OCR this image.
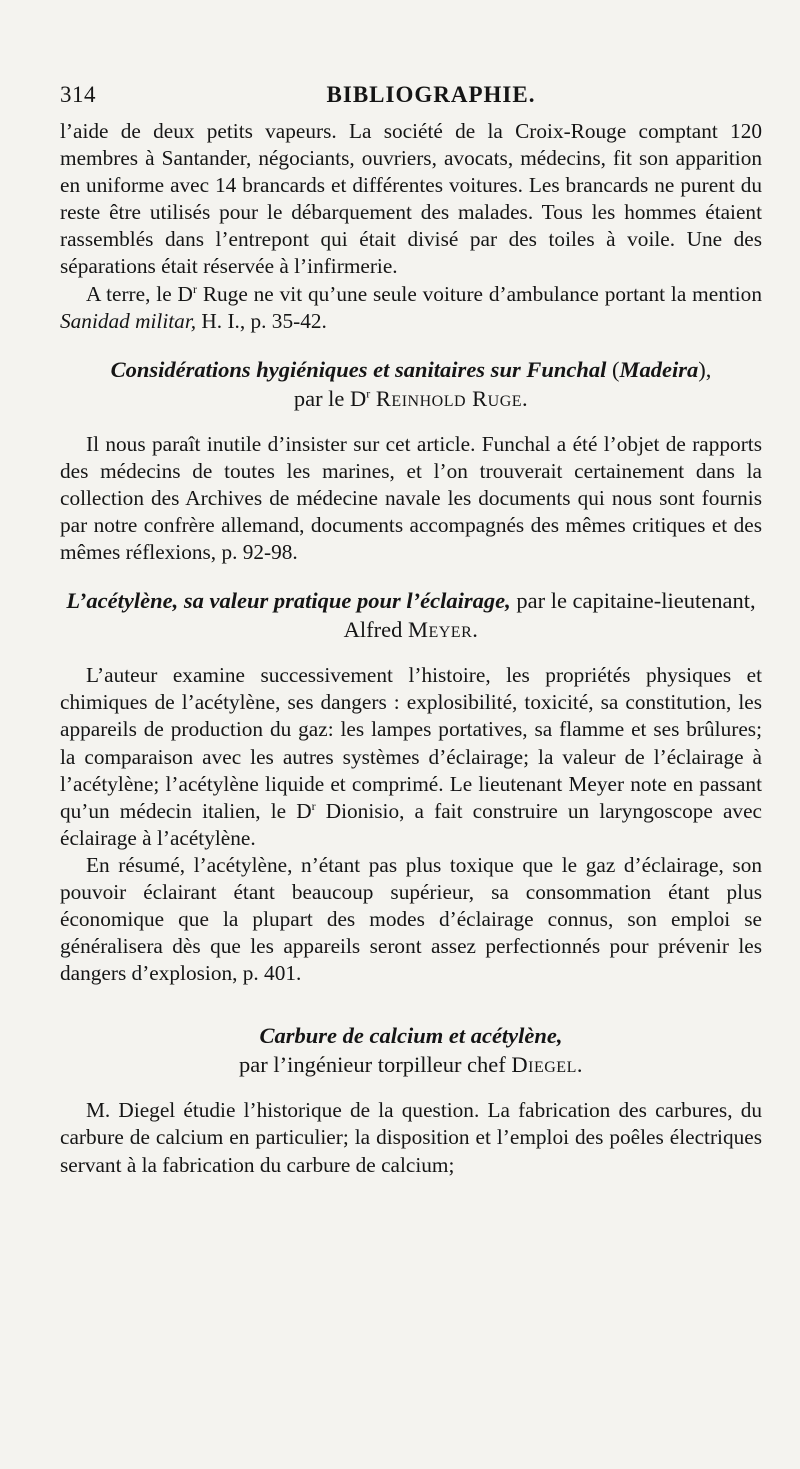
314	BIBLIOGRAPHIE.

l’aide de deux petits vapeurs. La société de la Croix-Rouge comptant 120 membres à Santander, négociants, ouvriers, avocats, médecins, fit son apparition en uniforme avec 14 brancards et différentes voitures. Les brancards ne purent du reste être utilisés pour le débarquement des malades. Tous les hommes étaient rassemblés dans l’entrepont qui était divisé par des toiles à voile. Une des séparations était réservée à l’infirmerie.

A terre, le $D^r$ Ruge ne vit qu’une seule voiture d’ambulance portant la mention Sanidad militar, H. I., p. 35-42.

Considérations hygiéniques et sanitaires sur Funchal (Madeira),
par le $D^r$ Reinhold Ruge.

Il nous paraît inutile d’insister sur cet article. Funchal a été l’objet de rapports des médecins de toutes les marines, et l’on trouverait certainement dans la collection des Archives de médecine navale les documents qui nous sont fournis par notre confrère allemand, documents accompagnés des mêmes critiques et des mêmes réflexions, p. 92-98.

L’acétylène, sa valeur pratique pour l’éclairage, par le capitaine-lieutenant, Alfred Meyer.

L’auteur examine successivement l’histoire, les propriétés physiques et chimiques de l’acétylène, ses dangers : explosibilité, toxicité, sa constitution, les appareils de production du gaz: les lampes portatives, sa flamme et ses brûlures; la comparaison avec les autres systèmes d’éclairage; la valeur de l’éclairage à l’acétylène; l’acétylène liquide et comprimé. Le lieutenant Meyer note en passant qu’un médecin italien, le $D^r$ Dionisio, a fait construire un laryngoscope avec éclairage à l’acétylène.

En résumé, l’acétylène, n’étant pas plus toxique que le gaz d’éclairage, son pouvoir éclairant étant beaucoup supérieur, sa consommation étant plus économique que la plupart des modes d’éclairage connus, son emploi se généralisera dès que les appareils seront assez perfectionnés pour prévenir les dangers d’explosion, p. 401.

Carbure de calcium et acétylène,
par l’ingénieur torpilleur chef Diegel.

M. Diegel étudie l’historique de la question. La fabrication des carbures, du carbure de calcium en particulier; la disposition et l’emploi des poêles électriques servant à la fabrication du carbure de calcium;
